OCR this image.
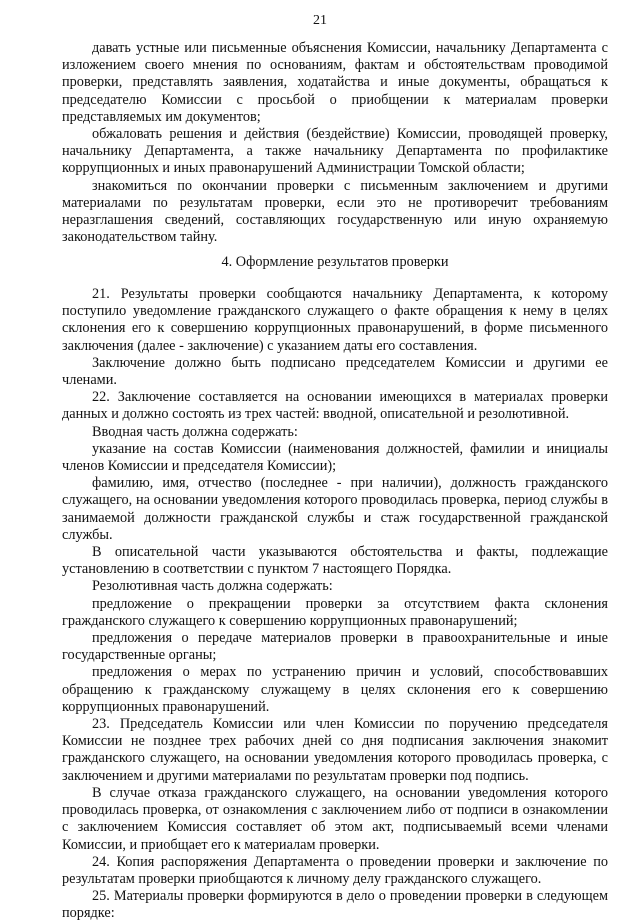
21

давать устные или письменные объяснения Комиссии, начальнику Департамента с изложением своего мнения по основаниям, фактам и обстоятельствам проводимой проверки, представлять заявления, ходатайства и иные документы, обращаться к председателю Комиссии с просьбой о приобщении к материалам проверки представляемых им документов;

обжаловать решения и действия (бездействие) Комиссии, проводящей проверку, начальнику Департамента, а также начальнику Департамента по профилактике коррупционных и иных правонарушений Администрации Томской области;

знакомиться по окончании проверки с письменным заключением и другими материалами по результатам проверки, если это не противоречит требованиям неразглашения сведений, составляющих государственную или иную охраняемую законодательством тайну.

4. Оформление результатов проверки

21. Результаты проверки сообщаются начальнику Департамента, к которому поступило уведомление гражданского служащего о факте обращения к нему в целях склонения его к совершению коррупционных правонарушений, в форме письменного заключения (далее - заключение) с указанием даты его составления.

Заключение должно быть подписано председателем Комиссии и другими ее членами.

22. Заключение составляется на основании имеющихся в материалах проверки данных и должно состоять из трех частей: вводной, описательной и резолютивной.

Вводная часть должна содержать:

указание на состав Комиссии (наименования должностей, фамилии и инициалы членов Комиссии и председателя Комиссии);

фамилию, имя, отчество (последнее - при наличии), должность гражданского служащего, на основании уведомления которого проводилась проверка, период службы в занимаемой должности гражданской службы и стаж государственной гражданской службы.

В описательной части указываются обстоятельства и факты, подлежащие установлению в соответствии с пунктом 7 настоящего Порядка.

Резолютивная часть должна содержать:

предложение о прекращении проверки за отсутствием факта склонения гражданского служащего к совершению коррупционных правонарушений;

предложения о передаче материалов проверки в правоохранительные и иные государственные органы;

предложения о мерах по устранению причин и условий, способствовавших обращению к гражданскому служащему в целях склонения его к совершению коррупционных правонарушений.

23. Председатель Комиссии или член Комиссии по поручению председателя Комиссии не позднее трех рабочих дней со дня подписания заключения знакомит гражданского служащего, на основании уведомления которого проводилась проверка, с заключением и другими материалами по результатам проверки под подпись.

В случае отказа гражданского служащего, на основании уведомления которого проводилась проверка, от ознакомления с заключением либо от подписи в ознакомлении с заключением Комиссия составляет об этом акт, подписываемый всеми членами Комиссии, и приобщает его к материалам проверки.

24. Копия распоряжения Департамента о проведении проверки и заключение по результатам проверки приобщаются к личному делу гражданского служащего.

25. Материалы проверки формируются в дело о проведении проверки в следующем порядке:
